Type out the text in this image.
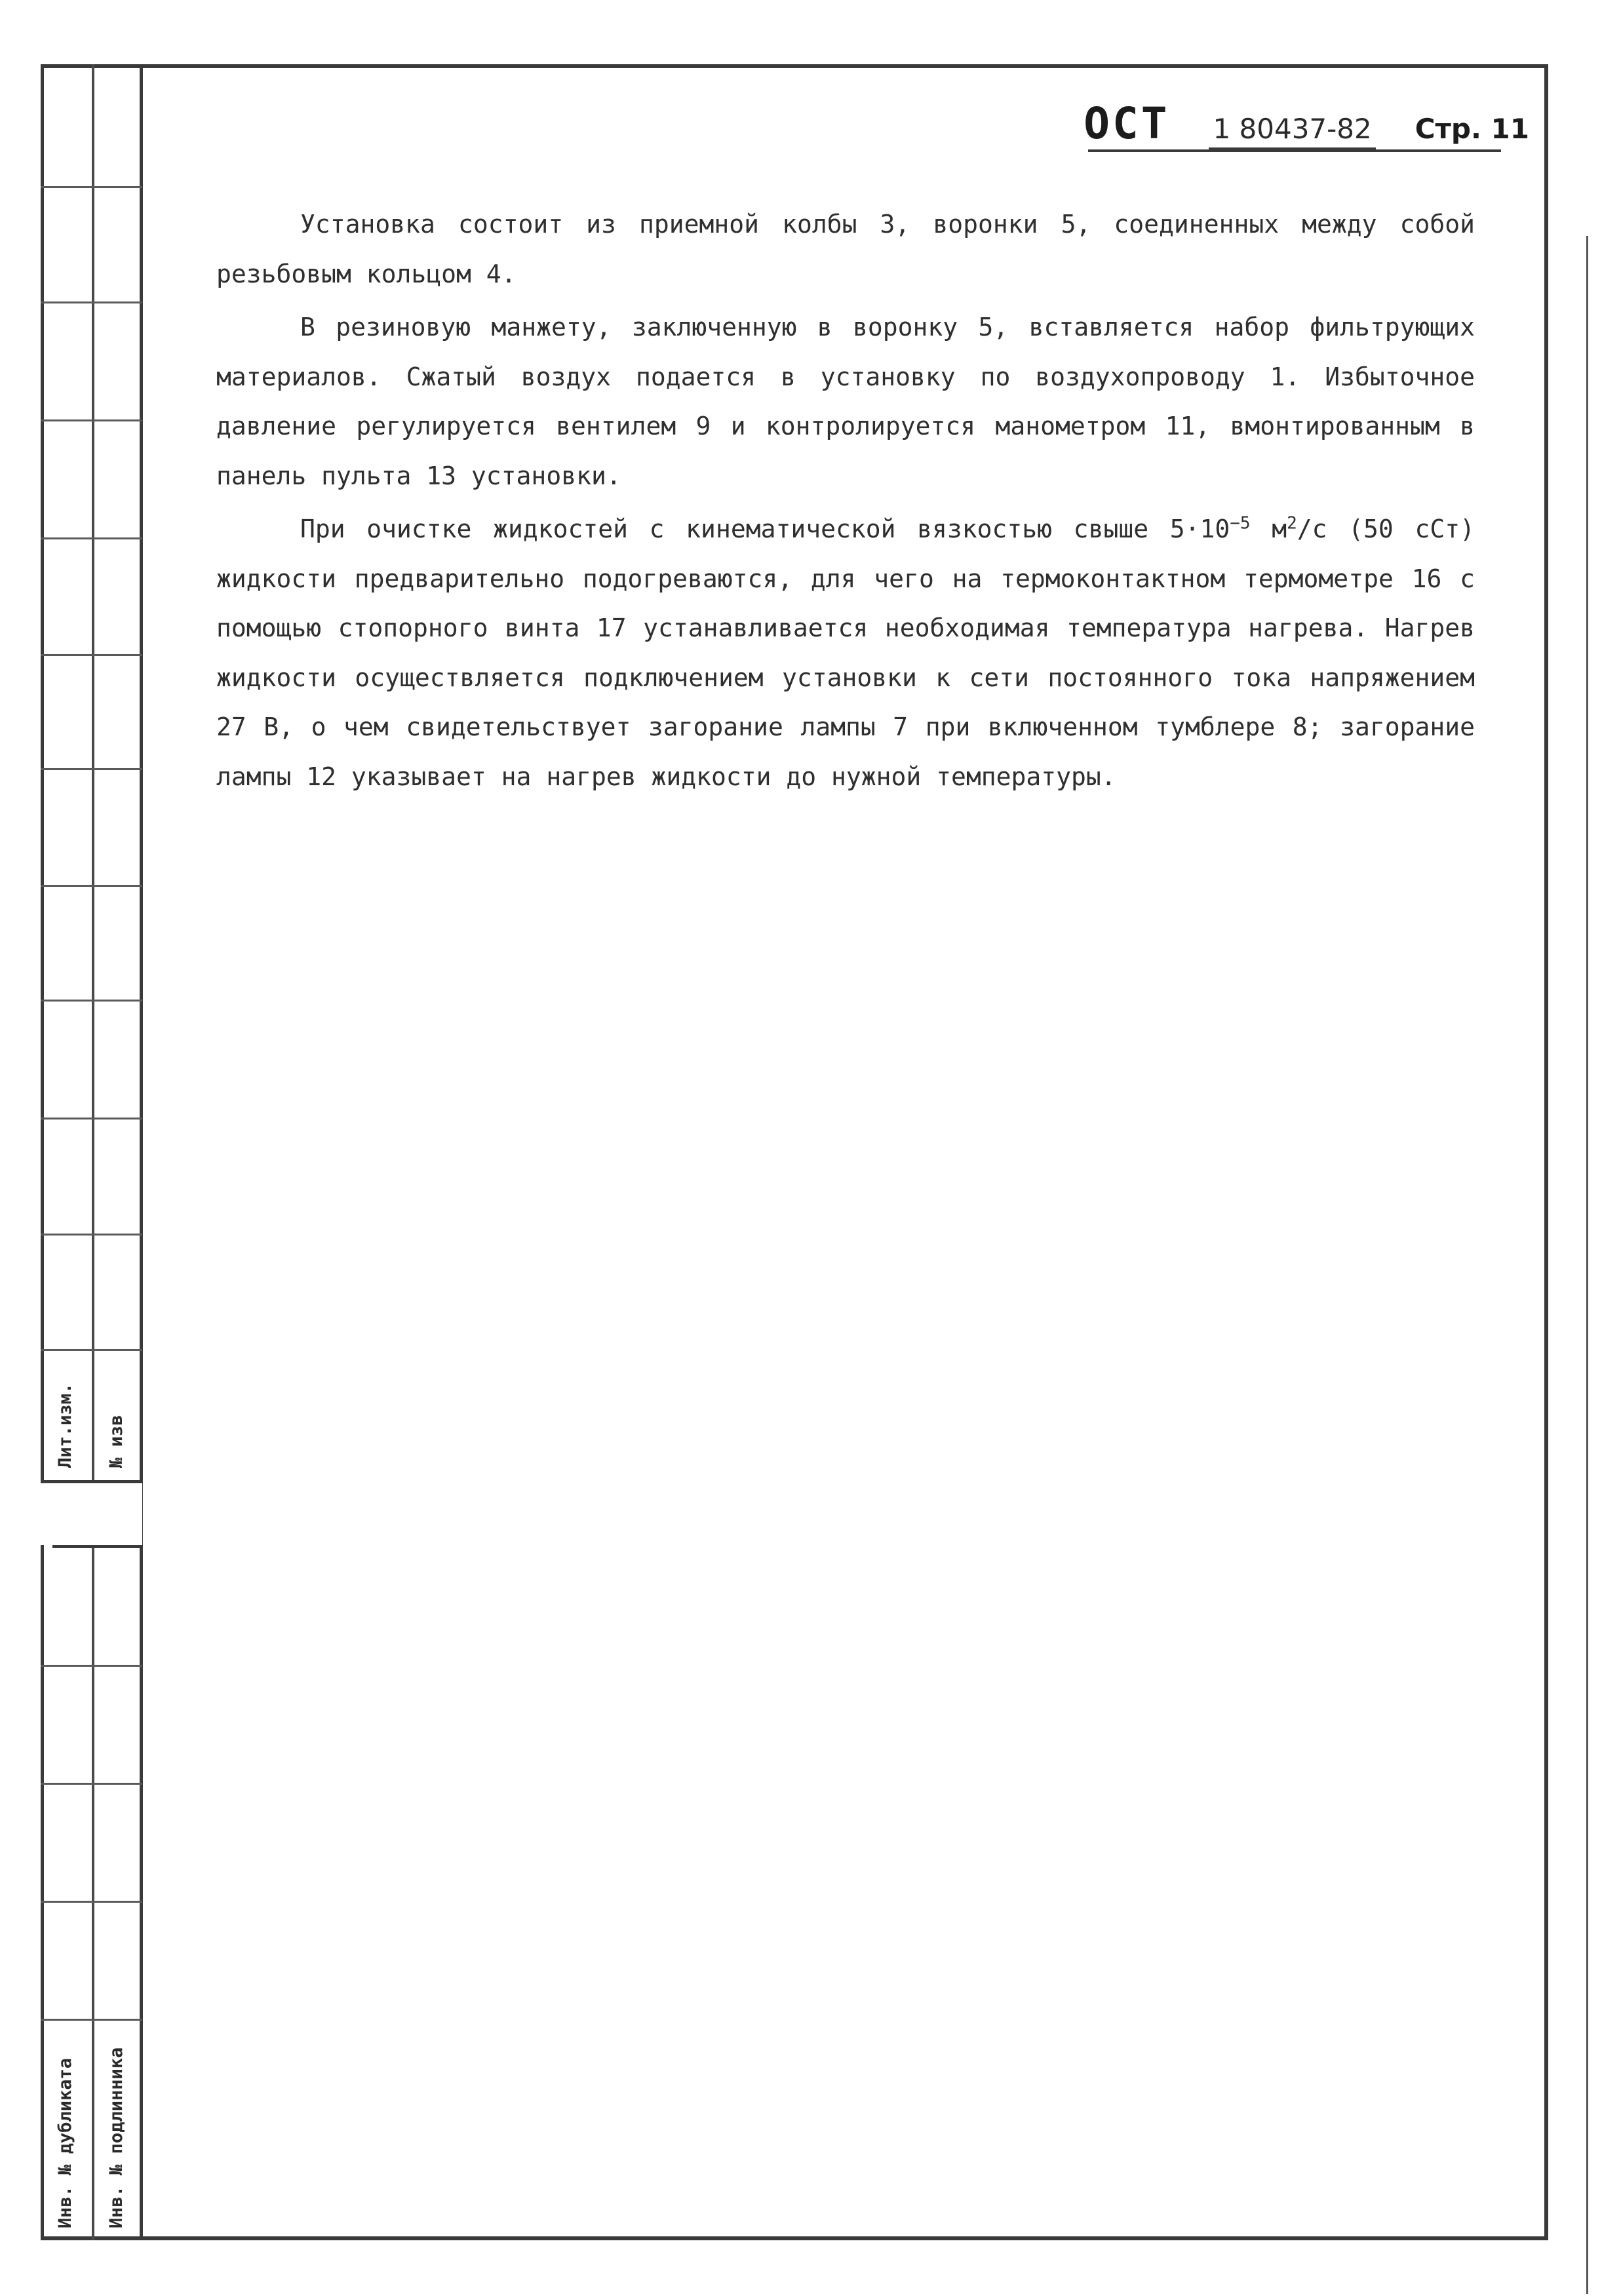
Лит.изм. № изв
Инв. № дубликата Инв. № подлинника
ОСТ 1 80437-82 Стр. 11

Установка состоит из приемной колбы 3, воронки 5, соединенных между собой резьбовым кольцом 4.

В резиновую манжету, заключенную в воронку 5, вставляется набор фильтрующих материалов. Сжатый воздух подается в установку по воздухопроводу 1. Избыточное давление регулируется вентилем 9 и контролируется манометром 11, вмонтированным в панель пульта 13 установки.

При очистке жидкостей с кинематической вязкостью свыше $5\cdot 10^{-5}$ $м^2/с$ (50 сСт) жидкости предварительно подогреваются, для чего на термоконтактном термометре 16 с помощью стопорного винта 17 устанавливается необходимая температура нагрева. Нагрев жидкости осуществляется подключением установки к сети постоянного тока напряжением 27 В, о чем свидетельствует загорание лампы 7 при включенном тумблере 8; загорание лампы 12 указывает на нагрев жидкости до нужной температуры.
